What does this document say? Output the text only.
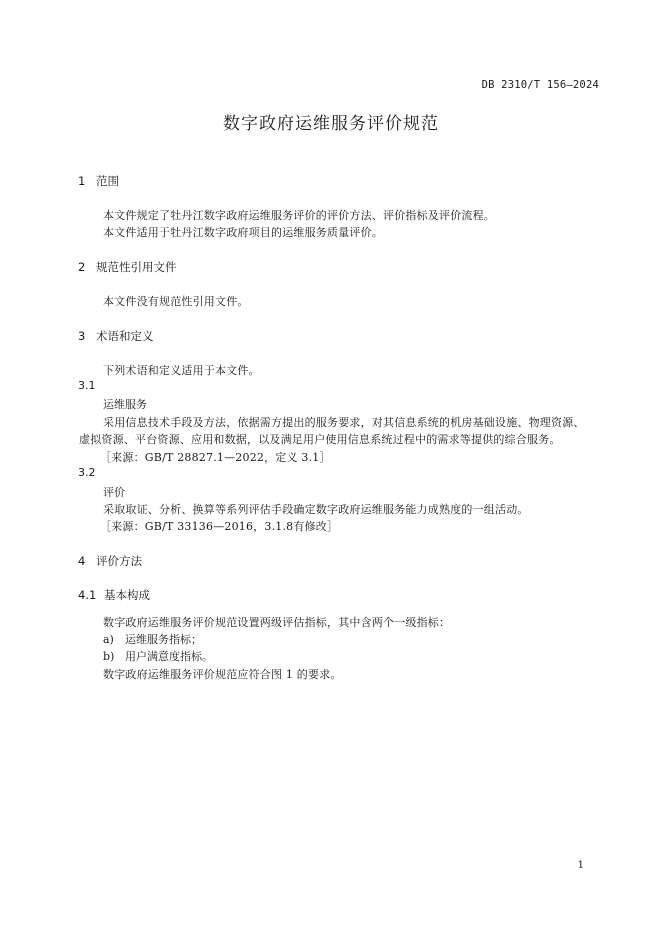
DB 2310/T 156—2024
数字政府运维服务评价规范
1 范围
本文件规定了牡丹江数字政府运维服务评价的评价方法、评价指标及评价流程。
本文件适用于牡丹江数字政府项目的运维服务质量评价。
2 规范性引用文件
本文件没有规范性引用文件。
3 术语和定义
下列术语和定义适用于本文件。
3.1
运维服务
采用信息技术手段及方法，依据需方提出的服务要求，对其信息系统的机房基础设施、物理资源、
虚拟资源、平台资源、应用和数据，以及满足用户使用信息系统过程中的需求等提供的综合服务。
［来源：GB/T 28827.1—2022，定义 3.1］
3.2
评价
采取取证、分析、换算等系列评估手段确定数字政府运维服务能力成熟度的一组活动。
［来源：GB/T 33136—2016，3.1.8有修改］
4 评价方法
4.1 基本构成
数字政府运维服务评价规范设置两级评估指标，其中含两个一级指标：
a) 运维服务指标；
b) 用户满意度指标。
数字政府运维服务评价规范应符合图 1 的要求。
1
